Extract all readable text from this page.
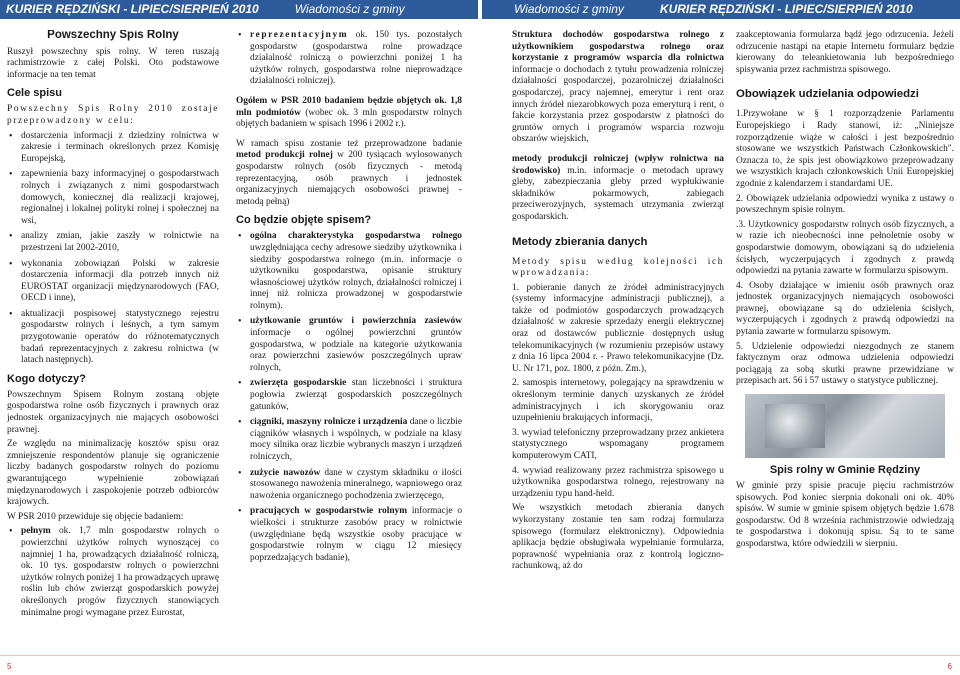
KURIER RĘDZIŃSKI - LIPIEC/SIERPIEŃ 2010	Wiadomości z gminy	Wiadomości z gminy	KURIER RĘDZIŃSKI - LIPIEC/SIERPIEŃ 2010
Powszechny Spis Rolny

Ruszył powszechny spis rolny. W teren ruszają rachmistrzowie z całej Polski. Oto podstawowe informacje na ten temat

Cele spisu

Powszechny Spis Rolny 2010 zostaje przeprowadzony w celu:

• dostarczenia informacji z dziedziny rolnictwa w zakresie i terminach określonych przez Komisję Europejską,
• zapewnienia bazy informacyjnej o gospodarstwach rolnych i związanych z nimi gospodarstwach domowych, koniecznej dla realizacji krajowej, regionalnej i lokalnej polityki rolnej i społecznej na wsi,
• analizy zmian, jakie zaszły w rolnictwie na przestrzeni lat 2002-2010,
• wykonania zobowiązań Polski w zakresie dostarczenia informacji dla potrzeb innych niż EUROSTAT organizacji międzynarodowych (FAO, OECD i inne),
• aktualizacji pospisowej statystycznego rejestru gospodarstw rolnych i leśnych, a tym samym przygotowanie operatów do różnotematycznych badań reprezentacyjnych z zakresu rolnictwa (w latach następnych).
Kogo dotyczy?

Powszechnym Spisem Rolnym zostaną objęte gospodarstwa rolne osób fizycznych i prawnych oraz jednostek organizacyjnych nie mających osobowości prawnej.

Ze względu na minimalizację kosztów spisu oraz zmniejszenie respondentów planuje się ograniczenie liczby badanych gospodarstw rolnych do poziomu gwarantującego wypełnienie zobowiązań międzynarodowych i zaspokojenie potrzeb odbiorców krajowych.

W PSR 2010 przewiduje się objęcie badaniem:

• pełnym ok. 1,7 mln gospodarstw rolnych o powierzchni użytków rolnych wynoszącej co najmniej 1 ha, prowadzących działalność rolniczą, ok. 10 tys. gospodarstw rolnych o powierzchni użytków rolnych poniżej 1 ha prowadzących uprawę roślin lub chów zwierząt gospodarskich powyżej określonych progów fizycznych stanowiących minimalne progi wymagane przez Eurostat,
• reprezentacyjnym ok. 150 tys. pozostałych gospodarstw (gospodarstwa rolne prowadzące działalność rolniczą o powierzchni poniżej 1 ha użytków rolnych, gospodarstwa rolne nieprowadzące działalności rolniczej).

Ogółem w PSR 2010 badaniem będzie objętych ok. 1,8 mln podmiotów (wobec ok. 3 mln gospodarstw rolnych objętych badaniem w spisach 1996 i 2002 r.).

W ramach spisu zostanie też przeprowadzone badanie metod produkcji rolnej w 200 tysiącach wylosowanych gospodarstw rolnych (osób fizycznych - metodą reprezentacyjną, osób prawnych i jednostek organizacyjnych niemających osobowości prawnej - metodą pełną)

Co będzie objęte spisem?
• ogólna charakterystyka gospodarstwa rolnego uwzględniająca cechy adresowe siedziby użytkownika i siedziby gospodarstwa rolnego (m.in. informacje o użytkowniku gospodarstwa, opisanie struktury własnościowej użytków rolnych, działalności rolniczej i innej niż rolnicza prowadzonej w gospodarstwie rolnym).
• użytkowanie gruntów i powierzchnia zasiewów informacje o ogólnej powierzchni gruntów gospodarstwa, w podziale na kategorie użytkowania oraz powierzchni zasiewów poszczególnych upraw rolnych,
• zwierzęta gospodarskie stan liczebności i struktura pogłowia zwierząt gospodarskich poszczególnych gatunków,
• ciągniki, maszyny rolnicze i urządzenia dane o liczbie ciągników własnych i wspólnych, w podziale na klasy mocy silnika oraz liczbie wybranych maszyn i urządzeń rolniczych,
• zużycie nawozów dane w czystym składniku o ilości stosowanego nawożenia mineralnego, wapniowego oraz nawożenia organicznego pochodzenia zwierzęcego,
• pracujących w gospodarstwie rolnym informacje o wielkości i strukturze zasobów pracy w rolnictwie (uwzględniane będą wszystkie osoby pracujące w gospodarstwie rolnym w ciągu 12 miesięcy poprzedzających badanie),

Struktura dochodów gospodarstwa rolnego z użytkownikiem gospodarstwa rolnego oraz korzystanie z programów wsparcia dla rolnictwa informacje o dochodach z tytułu prowadzenia rolniczej działalności gospodarczej, pozarolniczej działalności gospodarczej, pracy najemnej, emerytur i rent oraz innych źródeł niezarobkowych poza emeryturą i rent, o fakcie korzystania przez gospodarstw z płatności do gruntów ornych i programów wsparcia rozwoju obszarów wiejskich,

metody produkcji rolniczej (wpływ rolnictwa na środowisko) m.in. informacje o metodach uprawy gleby, zabezpieczania gleby przed wypłukiwanie składników pokarmowych, zabiegach przeciwerozyjnych, systemach utrzymania zwierząt gospodarskich.

Metody zbierania danych

Metody spisu według kolejności ich wprowadzania:

1. pobieranie danych ze źródeł administracyjnych (systemy informacyjne administracji publicznej), a także od podmiotów gospodarczych prowadzących działalność w zakresie sprzedaży energii elektrycznej oraz od dostawców publicznie dostępnych usług telekomunikacyjnych (w rozumieniu przepisów ustawy z dnia 16 lipca 2004 r. - Prawo telekomunikacyjne (Dz. U. Nr 171, poz. 1800, z późn. Zm.),

2. samospis internetowy, polegający na sprawdzeniu w określonym terminie danych uzyskanych ze źródeł administracyjnych i ich skorygowaniu oraz uzupełnieniu brakujących informacji,

3. wywiad telefoniczny przeprowadzany przez ankietera statystycznego wspomagany programem komputerowym CATI,

4. wywiad realizowany przez rachmistrza spisowego u użytkownika gospodarstwa rolnego, rejestrowany na urządzeniu typu hand-held.

We wszystkich metodach zbierania danych wykorzystany zostanie ten sam rodzaj formularza spisowego (formularz elektroniczny). Odpowiednia aplikacja będzie obsługiwała wypełnianie formularza, poprawność wypełniania oraz z kontrolą logiczno-rachunkową, aż do

zaakceptowania formularza bądź jego odrzucenia. Jeżeli odrzucenie nastąpi na etapie Internetu formularz będzie kierowany do teleankietowania lub bezpośredniego spisywania przez rachmistrza spisowego.

Obowiązek udzielania odpowiedzi

1.Przywołane w § 1 rozporządzenie Parlamentu Europejskiego i Rady stanowi, iż: „Niniejsze rozporządzenie wiąże w całości i jest bezpośrednio stosowane we wszystkich Państwach Członkowskich". Oznacza to, że spis jest obowiązkowo przeprowadzany we wszystkich krajach członkowskich Unii Europejskiej zgodnie z kalendarzem i standardami UE.

2. Obowiązek udzielania odpowiedzi wynika z ustawy o powszechnym spisie rolnym.

.3. Użytkownicy gospodarstw rolnych osób fizycznych, a w razie ich nieobecności inne pełnoletnie osoby w gospodarstwie domowym, obowiązani są do udzielenia ścisłych, wyczerpujących i zgodnych z prawdą odpowiedzi na pytania zawarte w formularzu spisowym.

4. Osoby działające w imieniu osób prawnych oraz jednostek organizacyjnych niemających osobowości prawnej, obowiązane są do udzielenia ścisłych, wyczerpujących i zgodnych z prawdą odpowiedzi na pytania zawarte w formularzu spisowym.

5. Udzielenie odpowiedzi niezgodnych ze stanem faktycznym oraz odmowa udzielenia odpowiedzi pociągają za sobą skutki prawne przewidziane w przepisach art. 56 i 57 ustawy o statystyce publicznej.

Spis rolny w Gminie Rędziny

W gminie przy spisie pracuje pięciu rachmistrzów spisowych. Pod koniec sierpnia dokonali oni ok. 40% spisów. W sumie w gminie spisem objętych będzie 1.678 gospodarstw. Od 8 września rachmistrzowie odwiedzają te gospodarstwa i dokonują spisu. Są to te same gospodarstwa, które odwiedzili w sierpniu.

5	6
